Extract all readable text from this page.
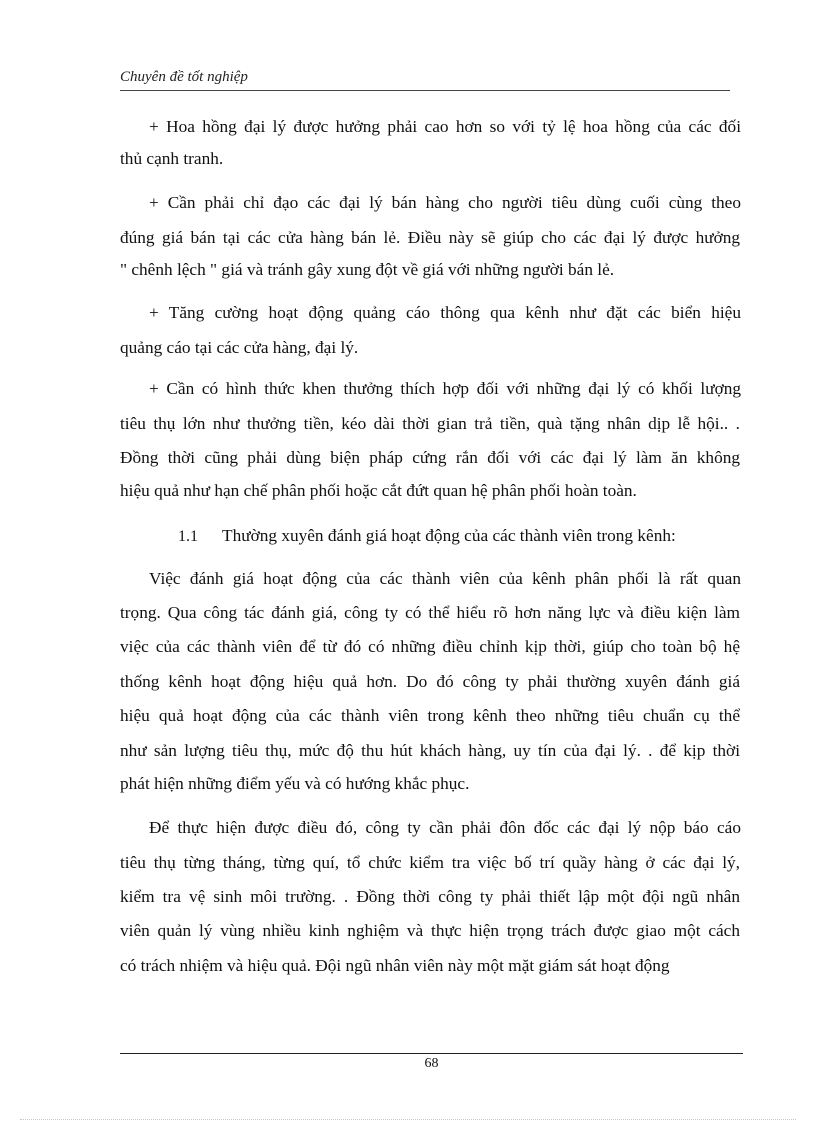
Chuyên đề tốt nghiệp
+ Hoa hồng đại lý được hưởng phải cao hơn so với tỷ lệ hoa hồng của các đối
thủ cạnh tranh.
+ Cần phải chỉ đạo các đại lý bán hàng cho người tiêu dùng cuối cùng theo
đúng giá bán tại các cửa hàng bán lẻ. Điều này sẽ giúp cho các đại lý được hưởng
" chênh lệch " giá và tránh gây xung đột về giá với những người bán lẻ.
+ Tăng cường hoạt động quảng cáo thông qua kênh như đặt các biển hiệu
quảng cáo tại các cửa hàng, đại lý.
+ Cần có hình thức khen thưởng thích hợp đối với những đại lý có khối lượng
tiêu thụ lớn như thưởng tiền, kéo dài thời gian trả tiền, quà tặng nhân dịp lễ hội.. .
Đồng thời cũng phải dùng biện pháp cứng rắn đối với các đại lý làm ăn không
hiệu quả như hạn chế phân phối hoặc cắt đứt quan hệ phân phối hoàn toàn.
1.1 Thường xuyên đánh giá hoạt động của các thành viên trong kênh:
Việc đánh giá hoạt động của các thành viên của kênh phân phối là rất quan
trọng. Qua công tác đánh giá, công ty có thể hiểu rõ hơn năng lực và điều kiện làm
việc của các thành viên để từ đó có những điều chỉnh kịp thời, giúp cho toàn bộ hệ
thống kênh hoạt động hiệu quả hơn. Do đó công ty phải thường xuyên đánh giá
hiệu quả hoạt động của các thành viên trong kênh theo những tiêu chuẩn cụ thể
như sản lượng tiêu thụ, mức độ thu hút khách hàng, uy tín của đại lý. . để kịp thời
phát hiện những điểm yếu và có hướng khắc phục.
Để thực hiện được điều đó, công ty cần phải đôn đốc các đại lý nộp báo cáo
tiêu thụ từng tháng, từng quí, tổ chức kiểm tra việc bố trí quầy hàng ở các đại lý,
kiểm tra vệ sinh môi trường. . Đồng thời công ty phải thiết lập một đội ngũ nhân
viên quản lý vùng nhiều kinh nghiệm và thực hiện trọng trách được giao một cách
có trách nhiệm và hiệu quả. Đội ngũ nhân viên này một mặt giám sát hoạt động
68
